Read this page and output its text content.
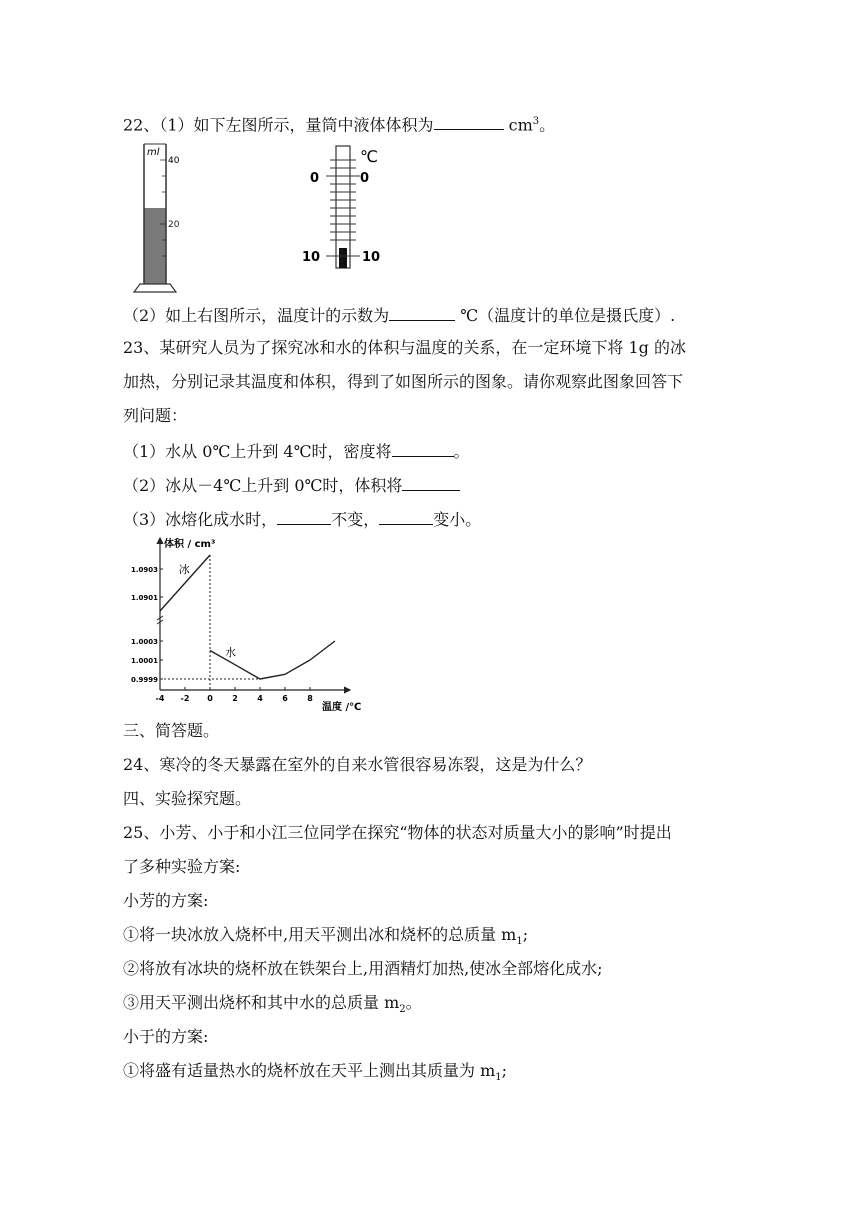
22、（1）如下左图所示，量筒中液体体积为	$cm^3$。
ml
40
20
℃
0	0
10	10
（2）如上右图所示，温度计的示数为	℃（温度计的单位是摄氏度）.
23、某研究人员为了探究冰和水的体积与温度的关系，在一定环境下将 1g 的冰
加热，分别记录其温度和体积，得到了如图所示的图象。请你观察此图象回答下
列问题：
（1）水从 0℃上升到 4℃时，密度将	。
（2）冰从－4℃上升到 0℃时，体积将
（3）冰熔化成水时，	不变，	变小。
体积 / cm³
温度 /℃
-4 -2 0 2 4 6 8
1.0903
1.0901
1.0003
1.0001
0.9999
冰
水
三、简答题。
24、寒冷的冬天暴露在室外的自来水管很容易冻裂，这是为什么？
四、实验探究题。
25、小芳、小于和小江三位同学在探究“物体的状态对质量大小的影响”时提出
了多种实验方案:
小芳的方案:
①将一块冰放入烧杯中,用天平测出冰和烧杯的总质量 $m_1$;
②将放有冰块的烧杯放在铁架台上,用酒精灯加热,使冰全部熔化成水;
③用天平测出烧杯和其中水的总质量 $m_2$。
小于的方案:
①将盛有适量热水的烧杯放在天平上测出其质量为 $m_1$;
